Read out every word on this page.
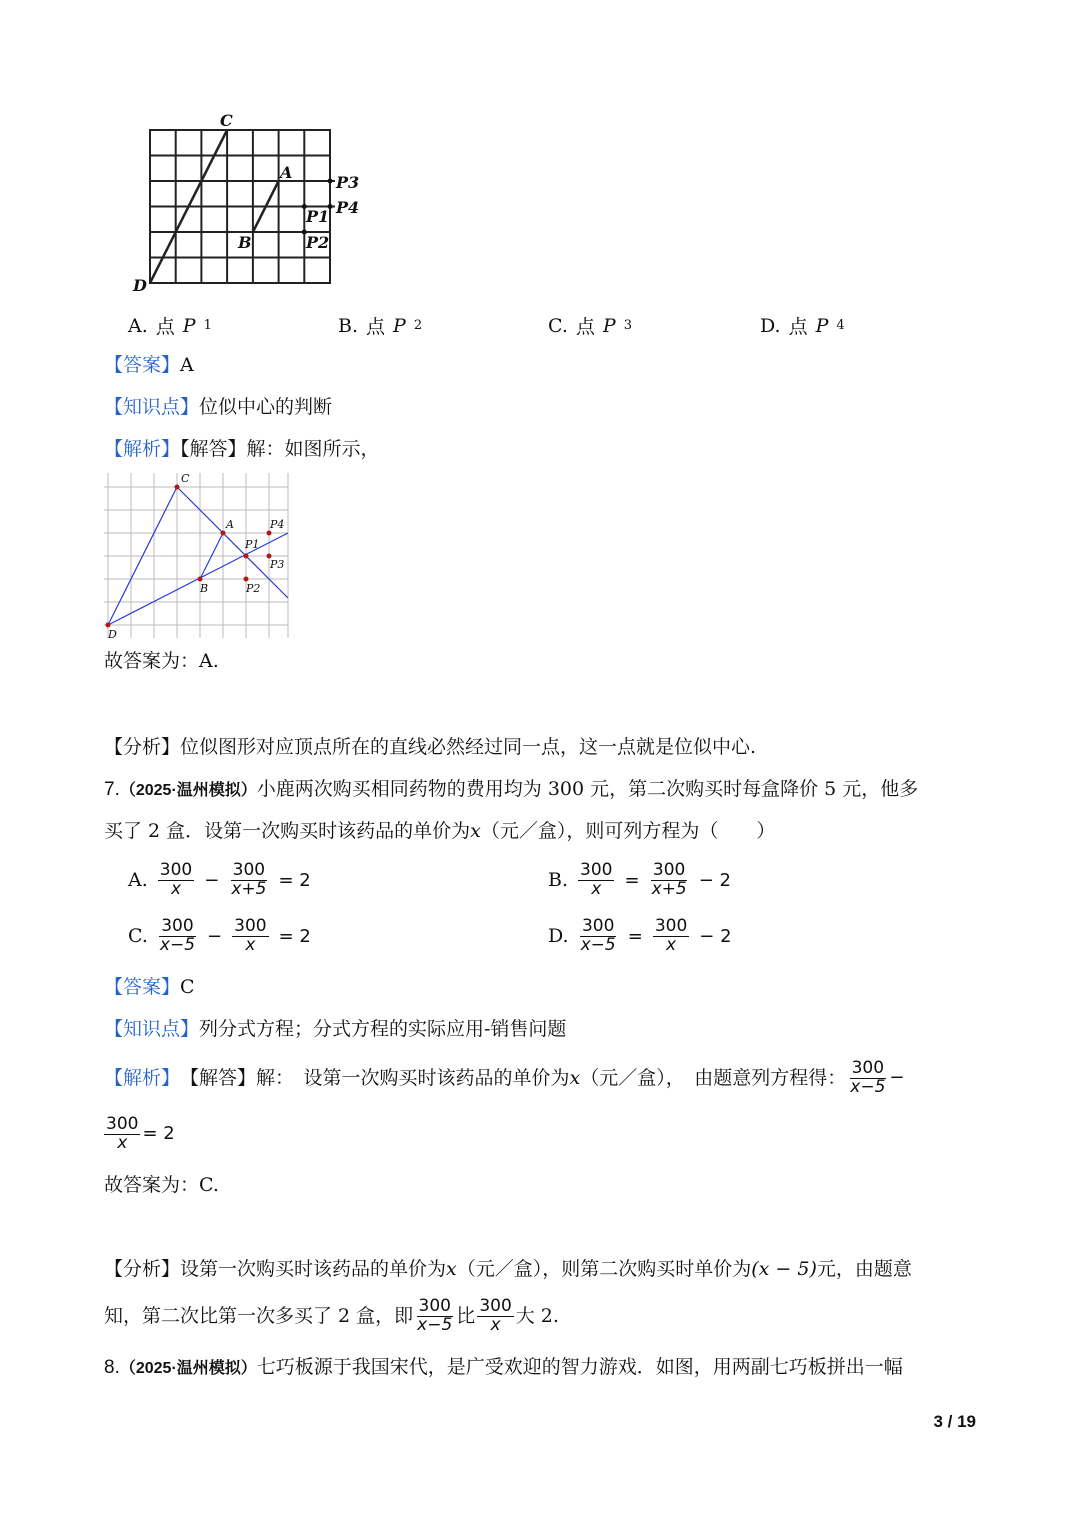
C
A
B
D
P3
P4
P1
P2
A. 点 P 1	B. 点 P 2	C. 点 P 3	D. 点 P 4
【答案】A
【知识点】位似中心的判断
【解析】【解答】解：如图所示，
C
A	P4
P1
P3
B	P2
D
故答案为：A.
【分析】位似图形对应顶点所在的直线必然经过同一点，这一点就是位似中心.
7.（2025·温州模拟）小鹿两次购买相同药物的费用均为 300 元，第二次购买时每盒降价 5 元，他多
买了 2 盒．设第一次购买时该药品的单价为x（元／盒），则可列方程为（　　）
A. $\frac{300}{x} - \frac{300}{x+5} = 2$	B. $\frac{300}{x} = \frac{300}{x+5} - 2$
C. $\frac{300}{x-5} - \frac{300}{x} = 2$	D. $\frac{300}{x-5} = \frac{300}{x} - 2$
【答案】C
【知识点】列分式方程；分式方程的实际应用-销售问题
【解析】 【解答】 解：　设第一次购买时该药品的单价为 x （元／盒），　由题意列方程得： $\frac{300}{x-5}$ −
$\frac{300}{x} = 2$
故答案为：C.
【分析】设第一次购买时该药品的单价为x（元／盒），则第二次购买时单价为(x − 5)元，由题意
知，第二次比第一次多买了 2 盒，即 $\frac{300}{x-5}$ 比 $\frac{300}{x}$ 大 2.
8.（2025·温州模拟）七巧板源于我国宋代，是广受欢迎的智力游戏．如图，用两副七巧板拼出一幅
3 / 19
